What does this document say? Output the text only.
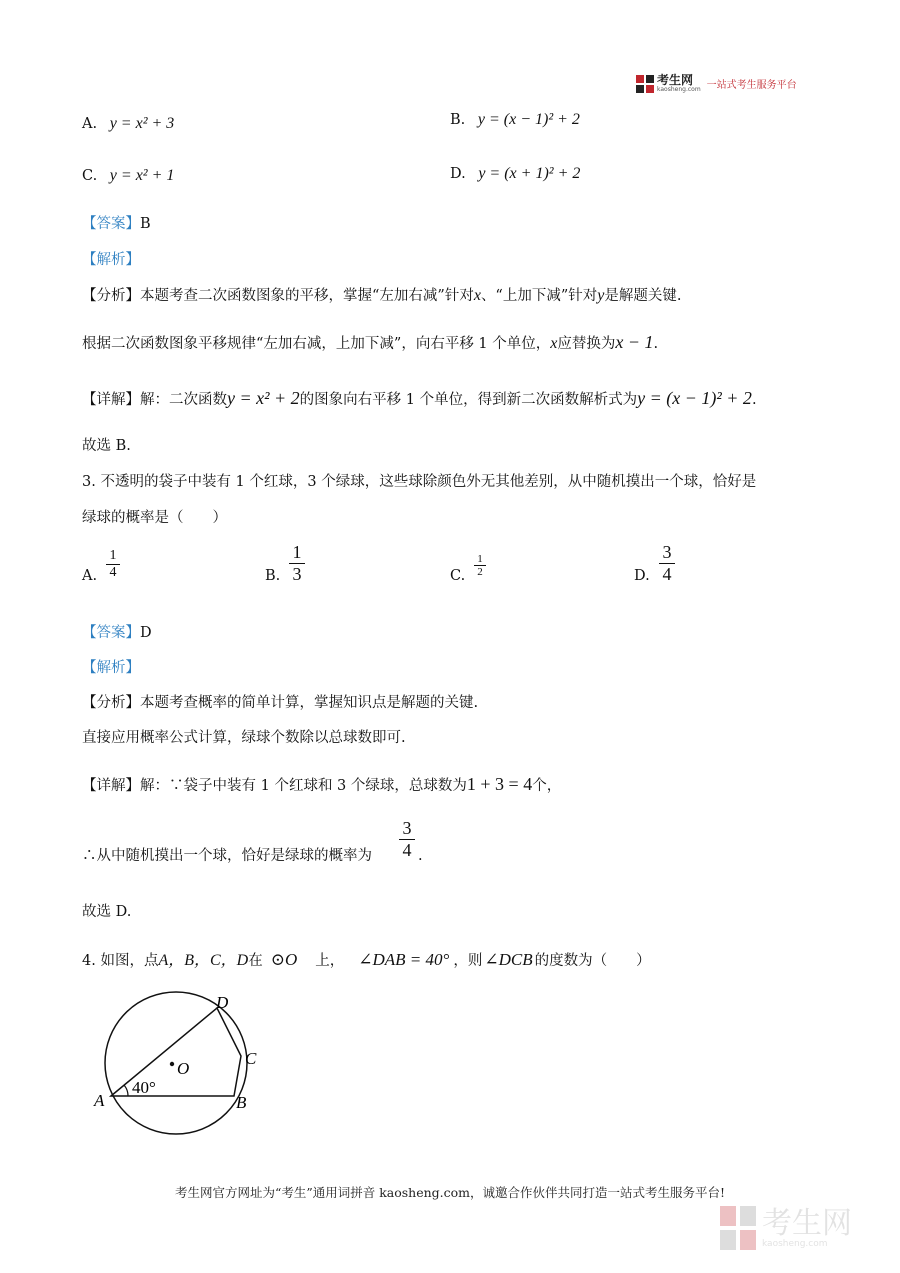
考生网
kaosheng.com 一站式考生服务平台
A. y = x² + 3	B. y = (x − 1)² + 2
C. y = x² + 1	D. y = (x + 1)² + 2
【答案】B
【解析】
【分析】本题考查二次函数图象的平移，掌握“左加右减”针对x、“上加下减”针对y是解题关键.
根据二次函数图象平移规律“左加右减，上加下减”，向右平移 1 个单位，x应替换为x − 1.
【详解】解：二次函数y = x² + 2的图象向右平移 1 个单位，得到新二次函数解析式为y = (x − 1)² + 2.
故选 B.
3. 不透明的袋子中装有 1 个红球，3 个绿球，这些球除颜色外无其他差别，从中随机摸出一个球，恰好是
绿球的概率是（　　）
A.
1
4	B.
1
3	C.
1
2	D.
3
4
【答案】D
【解析】
【分析】本题考查概率的简单计算，掌握知识点是解题的关键.
直接应用概率公式计算，绿球个数除以总球数即可.
【详解】解：∵袋子中装有 1 个红球和 3 个绿球，总球数为1 + 3 = 4个，
∴从中随机摸出一个球，恰好是绿球的概率为
3
4 .
故选 D.
4. 如图，点A，B，C，D在 ⊙O 上， ∠DAB = 40° ，则 ∠DCB 的度数为（　　）
40°
O
A	B
C
D
考生网官方网址为“考生”通用词拼音 kaosheng.com，诚邀合作伙伴共同打造一站式考生服务平台!
考生网
kaosheng.com
